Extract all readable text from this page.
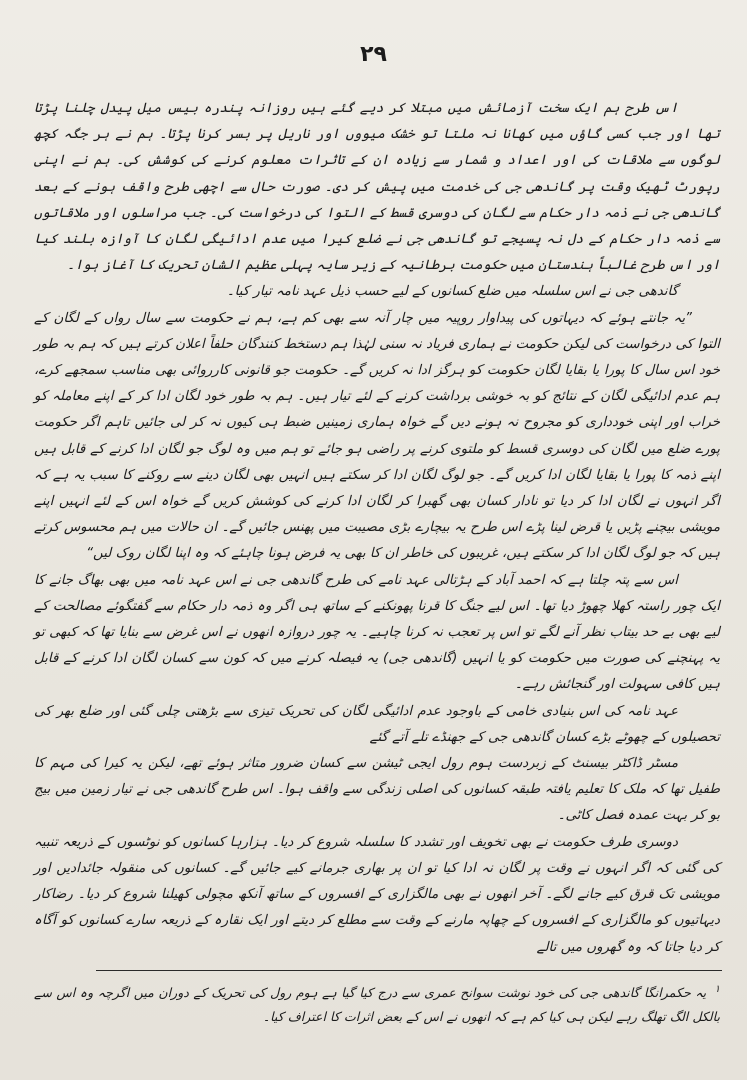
۲۹

اس طرح ہم ایک سخت آزمائش میں مبتلا کر دیے گئے ہیں روزانہ پندرہ بیس میل پیدل چلنا پڑتا تھا اور جب کسی گاؤں میں کھانا نہ ملتا تو خشک میووں اور ناریل پر بسر کرنا پڑتا۔ ہم نے ہر جگہ کچھ لوگوں سے ملاقات کی اور اعداد و شمار سے زیادہ ان کے تاثرات معلوم کرنے کی کوشش کی۔ ہم نے اپنی رپورٹ ٹھیک وقت پر گاندھی جی کی خدمت میں پیش کر دی۔ صورت حال سے اچھی طرح واقف ہونے کے بعد گاندھی جی نے ذمہ دار حکام سے لگان کی دوسری قسط کے التوا کی درخواست کی۔ جب مراسلوں اور ملاقاتوں سے ذمہ دار حکام کے دل نہ پسیجے تو گاندھی جی نے ضلع کیرا میں عدم ادائیگی لگان کا آوازہ بلند کیا اور اس طرح غالباً ہندستان میں حکومت برطانیہ کے زیر سایہ پہلی عظیم الشان تحریک کا آغاز ہوا۔

گاندھی جی نے اس سلسلہ میں ضلع کسانوں کے لیے حسب ذیل عہد نامہ تیار کیا۔

”یہ جانتے ہوئے کہ دیہاتوں کی پیداوار روپیہ میں چار آنہ سے بھی کم ہے، ہم نے حکومت سے سال رواں کے لگان کے التوا کی درخواست کی لیکن حکومت نے ہماری فریاد نہ سنی لہٰذا ہم دستخط کنندگان حلفاً اعلان کرتے ہیں کہ ہم بہ طور خود اس سال کا پورا یا بقایا لگان حکومت کو ہرگز ادا نہ کریں گے۔ حکومت جو قانونی کارروائی بھی مناسب سمجھے کرے، ہم عدم ادائیگی لگان کے نتائج کو بہ خوشی برداشت کرنے کے لئے تیار ہیں۔ ہم بہ طور خود لگان ادا کر کے اپنے معاملہ کو خراب اور اپنی خودداری کو مجروح نہ ہونے دیں گے خواہ ہماری زمینیں ضبط ہی کیوں نہ کر لی جائیں تاہم اگر حکومت پورے ضلع میں لگان کی دوسری قسط کو ملتوی کرنے پر راضی ہو جائے تو ہم میں وہ لوگ جو لگان ادا کرنے کے قابل ہیں اپنے ذمہ کا پورا یا بقایا لگان ادا کریں گے۔ جو لوگ لگان ادا کر سکتے ہیں انہیں بھی لگان دینے سے روکنے کا سبب یہ ہے کہ اگر انہوں نے لگان ادا کر دیا تو نادار کسان بھی گھبرا کر لگان ادا کرنے کی کوشش کریں گے خواہ اس کے لئے انہیں اپنے مویشی بیچنے پڑیں یا قرض لینا پڑے اس طرح یہ بیچارے بڑی مصیبت میں پھنس جائیں گے۔ ان حالات میں ہم محسوس کرتے ہیں کہ جو لوگ لگان ادا کر سکتے ہیں، غریبوں کی خاطر ان کا بھی یہ فرض ہونا چاہئے کہ وہ اپنا لگان روک لیں“

اس سے پتہ چلتا ہے کہ احمد آباد کے ہڑتالی عہد نامے کی طرح گاندھی جی نے اس عہد نامہ میں بھی بھاگ جانے کا ایک چور راستہ کھلا چھوڑ دیا تھا۔ اس لیے جنگ کا قرنا پھونکنے کے ساتھ ہی اگر وہ ذمہ دار حکام سے گفتگوئے مصالحت کے لیے بھی بے حد بیتاب نظر آنے لگے تو اس پر تعجب نہ کرنا چاہیے۔ یہ چور دروازہ انھوں نے اس غرض سے بنایا تھا کہ کبھی تو یہ پہنچنے کی صورت میں حکومت کو یا انہیں (گاندھی جی) یہ فیصلہ کرنے میں کہ کون سے کسان لگان ادا کرنے کے قابل ہیں کافی سہولت اور گنجائش رہے۔

عہد نامہ کی اس بنیادی خامی کے باوجود عدم ادائیگی لگان کی تحریک تیزی سے بڑھتی چلی گئی اور ضلع بھر کی تحصیلوں کے چھوٹے بڑے کسان گاندھی جی کے جھنڈے تلے آتے گئے

مسٹر ڈاکٹر بیسنٹ کے زبردست ہوم رول ایجی ٹیشن سے کسان ضرور متاثر ہوئے تھے، لیکن یہ کیرا کی مہم کا طفیل تھا کہ ملک کا تعلیم یافتہ طبقہ کسانوں کی اصلی زندگی سے واقف ہوا۔ اس طرح گاندھی جی نے تیار زمین میں بیج بو کر بہت عمدہ فصل کاٹی۔

دوسری طرف حکومت نے بھی تخویف اور تشدد کا سلسلہ شروع کر دیا۔ ہزارہا کسانوں کو نوٹسوں کے ذریعہ تنبیہ کی گئی کہ اگر انہوں نے وقت پر لگان نہ ادا کیا تو ان پر بھاری جرمانے کیے جائیں گے۔ کسانوں کی منقولہ جائدادیں اور مویشی تک قرق کیے جانے لگے۔ آخر انھوں نے بھی مالگزاری کے افسروں کے ساتھ آنکھ مچولی کھیلنا شروع کر دیا۔ رضاکار دیہاتیوں کو مالگزاری کے افسروں کے چھاپہ مارنے کے وقت سے مطلع کر دیتے اور ایک نقارہ کے ذریعہ سارے کسانوں کو آگاہ کر دیا جاتا کہ وہ گھروں میں تالے

$^۱$ یہ حکمرانگا گاندھی جی کی خود نوشت سوانح عمری سے درج کیا گیا ہے ہوم رول کی تحریک کے دوران میں اگرچہ وہ اس سے بالکل الگ تھلگ رہے لیکن ہی کیا کم ہے کہ انھوں نے اس کے بعض اثرات کا اعتراف کیا۔
